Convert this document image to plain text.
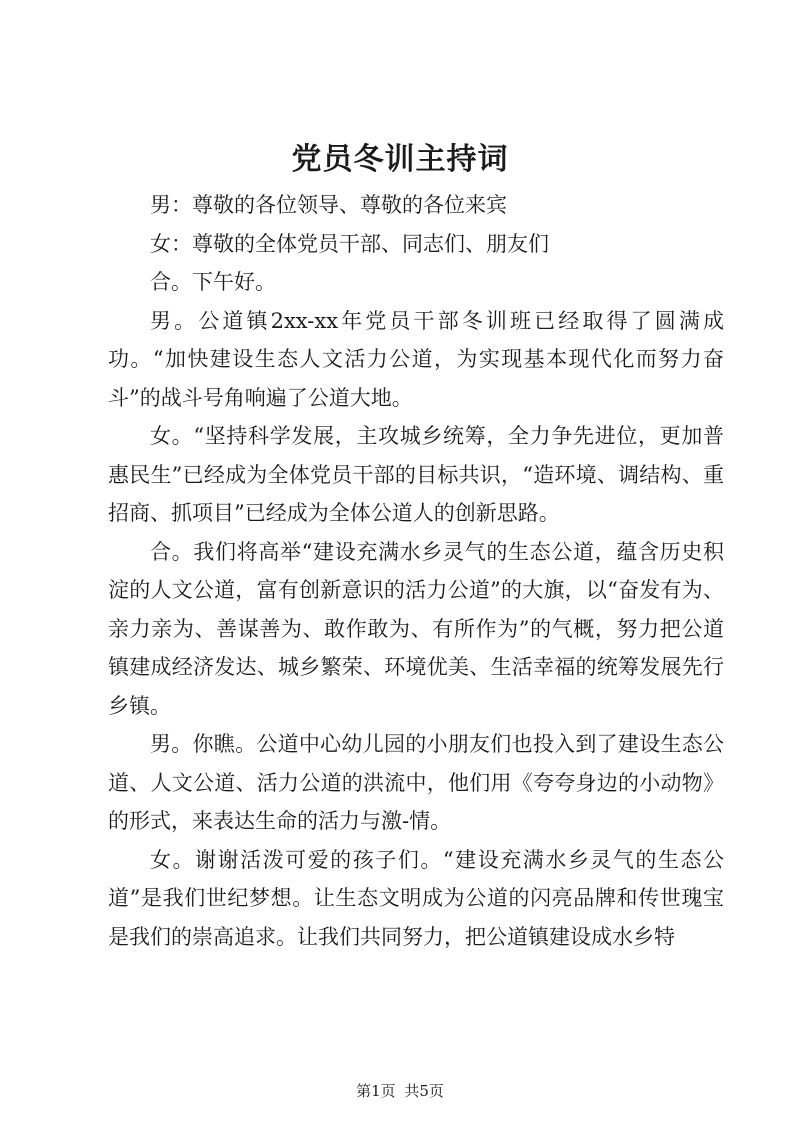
党员冬训主持词

男：尊敬的各位领导、尊敬的各位来宾

女：尊敬的全体党员干部、同志们、朋友们

合。下午好。

男。公道镇2xx-xx年党员干部冬训班已经取得了圆满成功。“加快建设生态人文活力公道，为实现基本现代化而努力奋斗”的战斗号角响遍了公道大地。

女。“坚持科学发展，主攻城乡统筹，全力争先进位，更加普惠民生”已经成为全体党员干部的目标共识，“造环境、调结构、重招商、抓项目”已经成为全体公道人的创新思路。

合。我们将高举“建设充满水乡灵气的生态公道，蕴含历史积淀的人文公道，富有创新意识的活力公道”的大旗，以“奋发有为、亲力亲为、善谋善为、敢作敢为、有所作为”的气概，努力把公道镇建成经济发达、城乡繁荣、环境优美、生活幸福的统筹发展先行乡镇。

男。你瞧。公道中心幼儿园的小朋友们也投入到了建设生态公道、人文公道、活力公道的洪流中，他们用《夸夸身边的小动物》的形式，来表达生命的活力与激-情。

女。谢谢活泼可爱的孩子们。“建设充满水乡灵气的生态公道”是我们世纪梦想。让生态文明成为公道的闪亮品牌和传世瑰宝是我们的崇高追求。让我们共同努力，把公道镇建设成水乡特

第1页 共5页
